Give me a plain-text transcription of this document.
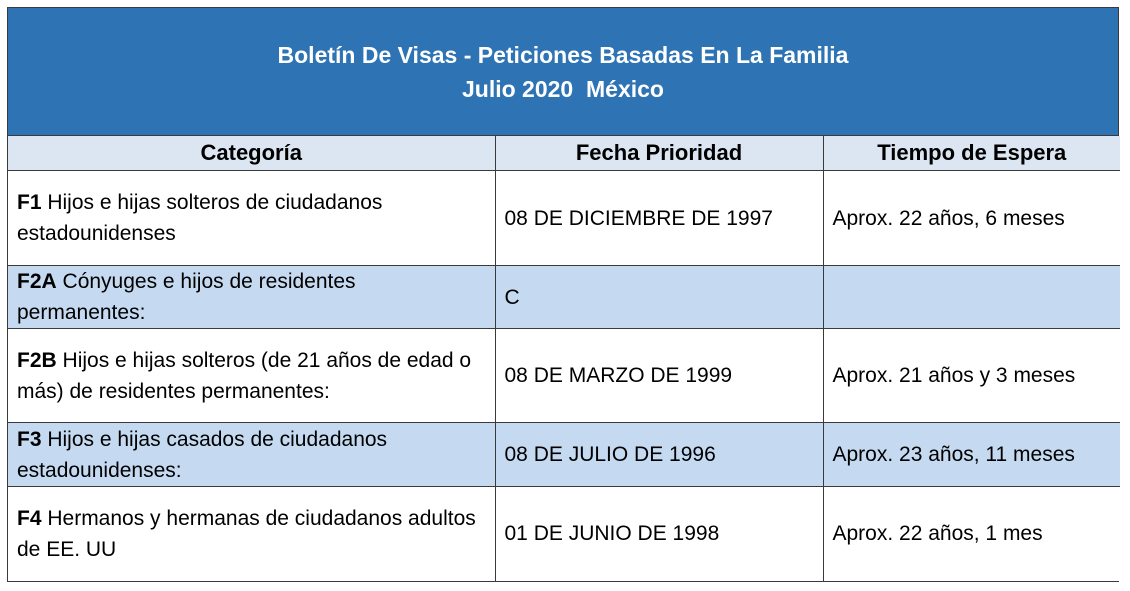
Boletín De Visas - Peticiones Basadas En La Familia
Julio 2020  México
Categoría	Fecha Prioridad	Tiempo de Espera
F1 Hijos e hijas solteros de ciudadanos estadounidenses	08 DE DICIEMBRE DE 1997	Aprox. 22 años, 6 meses
F2A Cónyuges e hijos de residentes permanentes:	C	
F2B Hijos e hijas solteros (de 21 años de edad o más) de residentes permanentes:	08 DE MARZO DE 1999	Aprox. 21 años y 3 meses
F3 Hijos e hijas casados de ciudadanos estadounidenses:	08 DE JULIO DE 1996	Aprox. 23 años, 11 meses
F4 Hermanos y hermanas de ciudadanos adultos de EE. UU	01 DE JUNIO DE 1998	Aprox. 22 años, 1 mes
